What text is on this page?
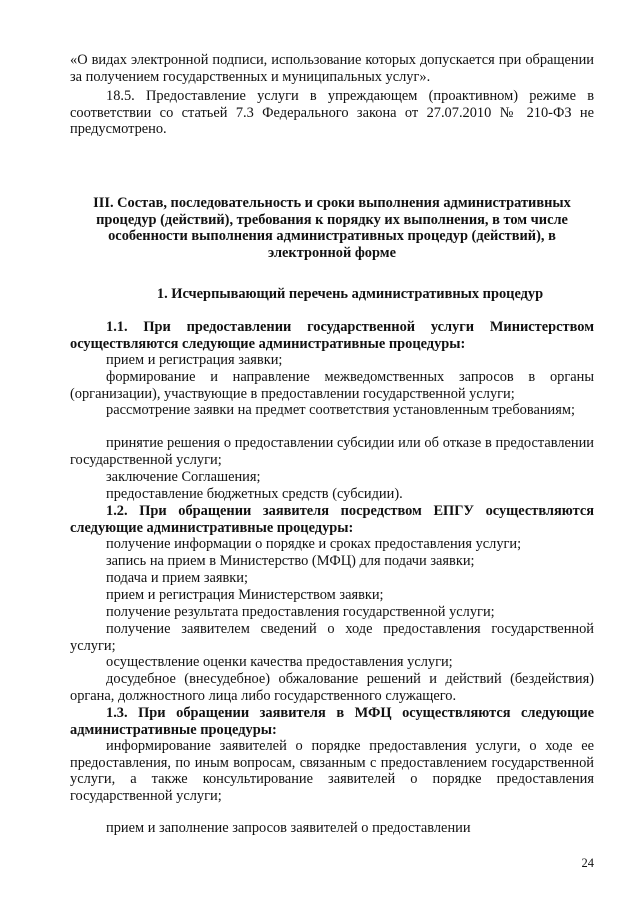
«О видах электронной подписи, использование которых допускается при обращении за получением государственных и муниципальных услуг».

18.5. Предоставление услуги в упреждающем (проактивном) режиме в соответствии со статьей 7.3 Федерального закона от 27.07.2010 № 210-ФЗ не предусмотрено.

III. Состав, последовательность и сроки выполнения административных процедур (действий), требования к порядку их выполнения, в том числе особенности выполнения административных процедур (действий), в электронной форме

1. Исчерпывающий перечень административных процедур

1.1. При предоставлении государственной услуги Министерством осуществляются следующие административные процедуры:

прием и регистрация заявки;

формирование и направление межведомственных запросов в органы (организации), участвующие в предоставлении государственной услуги;

рассмотрение заявки на предмет соответствия установленным требованиям;

принятие решения о предоставлении субсидии или об отказе в предоставлении государственной услуги;

заключение Соглашения;

предоставление бюджетных средств (субсидии).

1.2. При обращении заявителя посредством ЕПГУ осуществляются следующие административные процедуры:

получение информации о порядке и сроках предоставления услуги;

запись на прием в Министерство (МФЦ) для подачи заявки;

подача и прием заявки;

прием и регистрация Министерством заявки;

получение результата предоставления государственной услуги;

получение заявителем сведений о ходе предоставления государственной услуги;

осуществление оценки качества предоставления услуги;

досудебное (внесудебное) обжалование решений и действий (бездействия) органа, должностного лица либо государственного служащего.

1.3. При обращении заявителя в МФЦ осуществляются следующие административные процедуры:

информирование заявителей о порядке предоставления услуги, о ходе ее предоставления, по иным вопросам, связанным с предоставлением государственной услуги, а также консультирование заявителей о порядке предоставления государственной услуги;

прием и заполнение запросов заявителей о предоставлении

24
